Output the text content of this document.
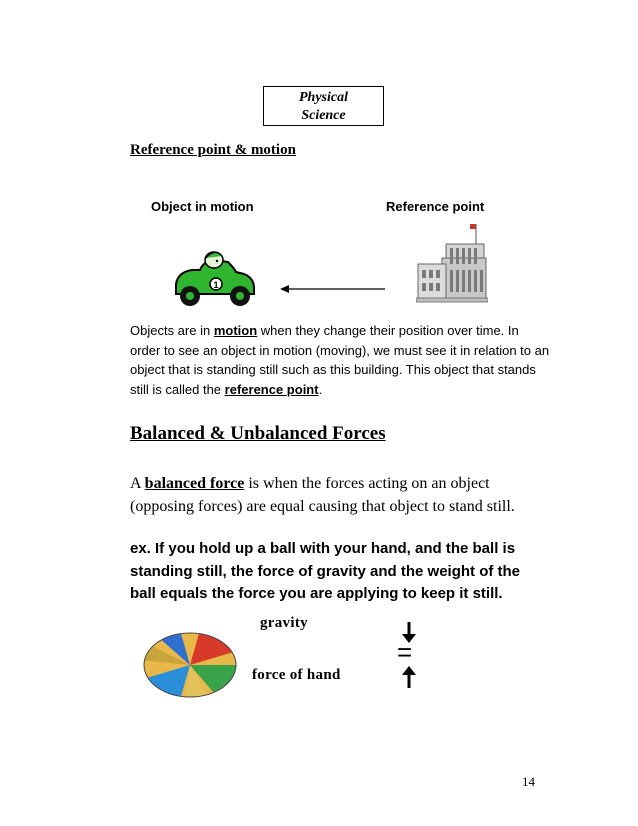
Physical
Science
Reference point & motion
Object in motion	Reference point
1
Objects are in motion when they change their position over time. In order to see an object in motion (moving), we must see it in relation to an object that is standing still such as this building. This object that stands still is called the reference point.
Balanced & Unbalanced Forces
A balanced force is when the forces acting on an object (opposing forces) are equal causing that object to stand still.
ex. If you hold up a ball with your hand, and the ball is standing still, the force of gravity and the weight of the ball equals the force you are applying to keep it still.
gravity
force of hand
=
14
